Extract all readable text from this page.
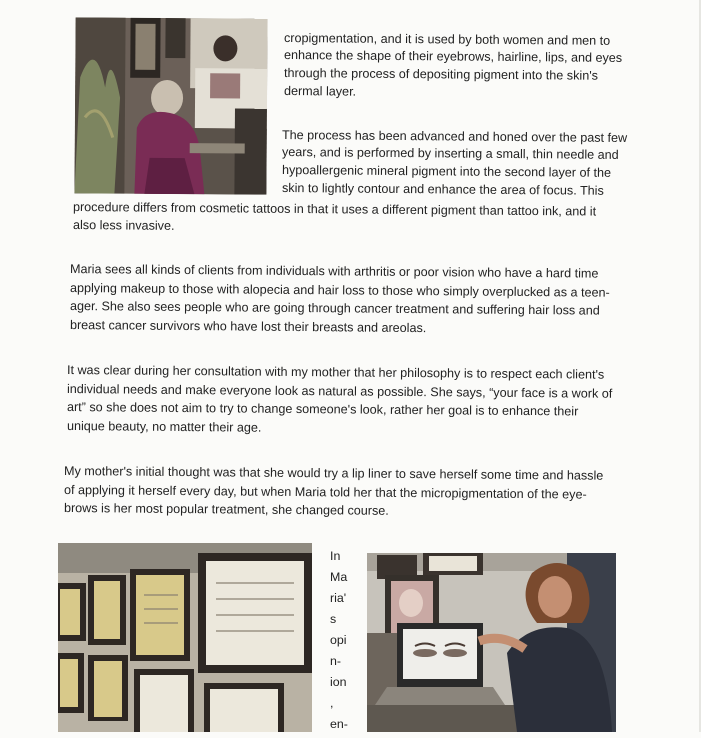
cropigmentation, and it is used by both women and men to
enhance the shape of their eyebrows, hairline, lips, and eyes
through the process of depositing pigment into the skin's
dermal layer.
The process has been advanced and honed over the past few
years, and is performed by inserting a small, thin needle and
hypoallergenic mineral pigment into the second layer of the
skin to lightly contour and enhance the area of focus. This
procedure differs from cosmetic tattoos in that it uses a different pigment than tattoo ink, and it
also less invasive.
Maria sees all kinds of clients from individuals with arthritis or poor vision who have a hard time
applying makeup to those with alopecia and hair loss to those who simply overplucked as a teen-
ager. She also sees people who are going through cancer treatment and suffering hair loss and
breast cancer survivors who have lost their breasts and areolas.
It was clear during her consultation with my mother that her philosophy is to respect each client's
individual needs and make everyone look as natural as possible. She says, “your face is a work of
art” so she does not aim to try to change someone's look, rather her goal is to enhance their
unique beauty, no matter their age.
My mother's initial thought was that she would try a lip liner to save herself some time and hassle
of applying it herself every day, but when Maria told her that the micropigmentation of the eye-
brows is her most popular treatment, she changed course.
In
Ma
ria'
s
opi
n-
ion
,
en-
